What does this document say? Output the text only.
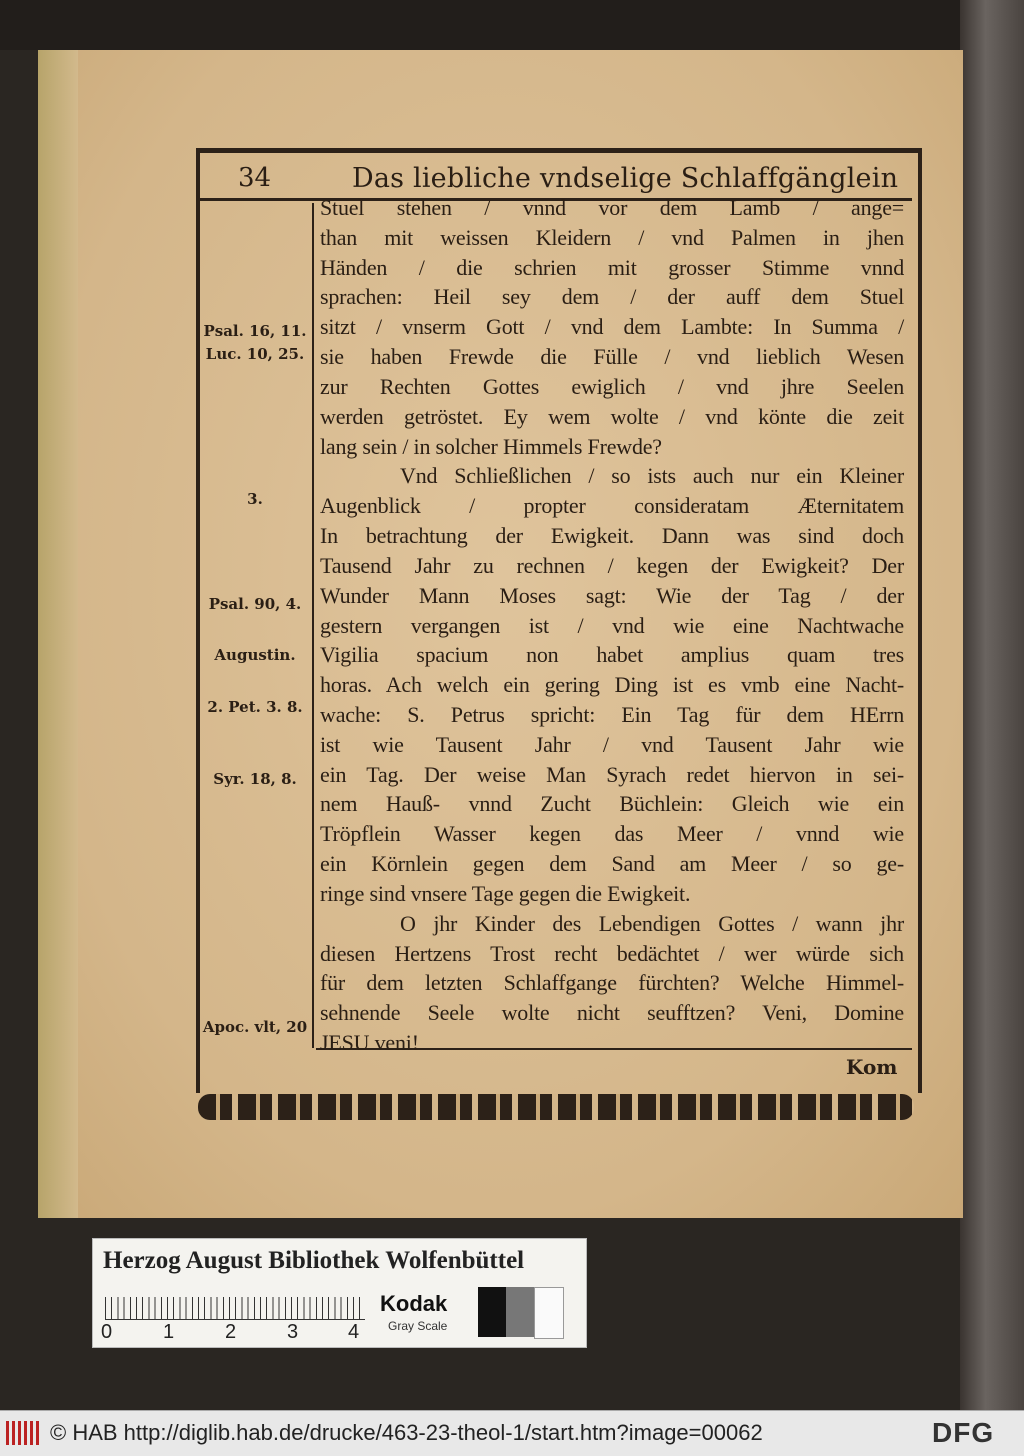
34	Das liebliche vndselige Schlaffgänglein
Stuel stehen / vnnd vor dem Lamb / ange=
than mit weissen Kleidern / vnd Palmen in jhen
Händen / die schrien mit grosser Stimme vnnd
sprachen: Heil sey dem / der auff dem Stuel
sitzt / vnserm Gott / vnd dem Lambte: In Summa /
sie haben Frewde die Fülle / vnd lieblich Wesen
zur Rechten Gottes ewiglich / vnd jhre Seelen
werden getröstet. Ey wem wolte / vnd könte die zeit
lang sein / in solcher Himmels Frewde?
Vnd Schließlichen / so ists auch nur ein Kleiner
Augenblick / propter consideratam Æternitatem
In betrachtung der Ewigkeit. Dann was sind doch
Tausend Jahr zu rechnen / kegen der Ewigkeit? Der
Wunder Mann Moses sagt: Wie der Tag / der
gestern vergangen ist / vnd wie eine Nachtwache
Vigilia spacium non habet amplius quam tres
horas. Ach welch ein gering Ding ist es vmb eine Nacht-
wache: S. Petrus spricht: Ein Tag für dem HErrn
ist wie Tausent Jahr / vnd Tausent Jahr wie
ein Tag. Der weise Man Syrach redet hiervon in sei-
nem Hauß- vnnd Zucht Büchlein: Gleich wie ein
Tröpflein Wasser kegen das Meer / vnnd wie
ein Körnlein gegen dem Sand am Meer / so ge-
ringe sind vnsere Tage gegen die Ewigkeit.
O jhr Kinder des Lebendigen Gottes / wann jhr
diesen Hertzens Trost recht bedächtet / wer würde sich
für dem letzten Schlaffgange fürchten? Welche Himmel-
sehnende Seele wolte nicht seufftzen? Veni, Domine
JESU veni!
Psal. 16, 11.
Luc. 10, 25.
3.
Psal. 90, 4.
Augustin.
2. Pet. 3. 8.
Syr. 18, 8.
Apoc. vlt, 20
Kom
Herzog August Bibliothek Wolfenbüttel
0	1	2	3 4
Kodak
Gray Scale
© HAB http://diglib.hab.de/drucke/463-23-theol-1/start.htm?image=00062	DFG
